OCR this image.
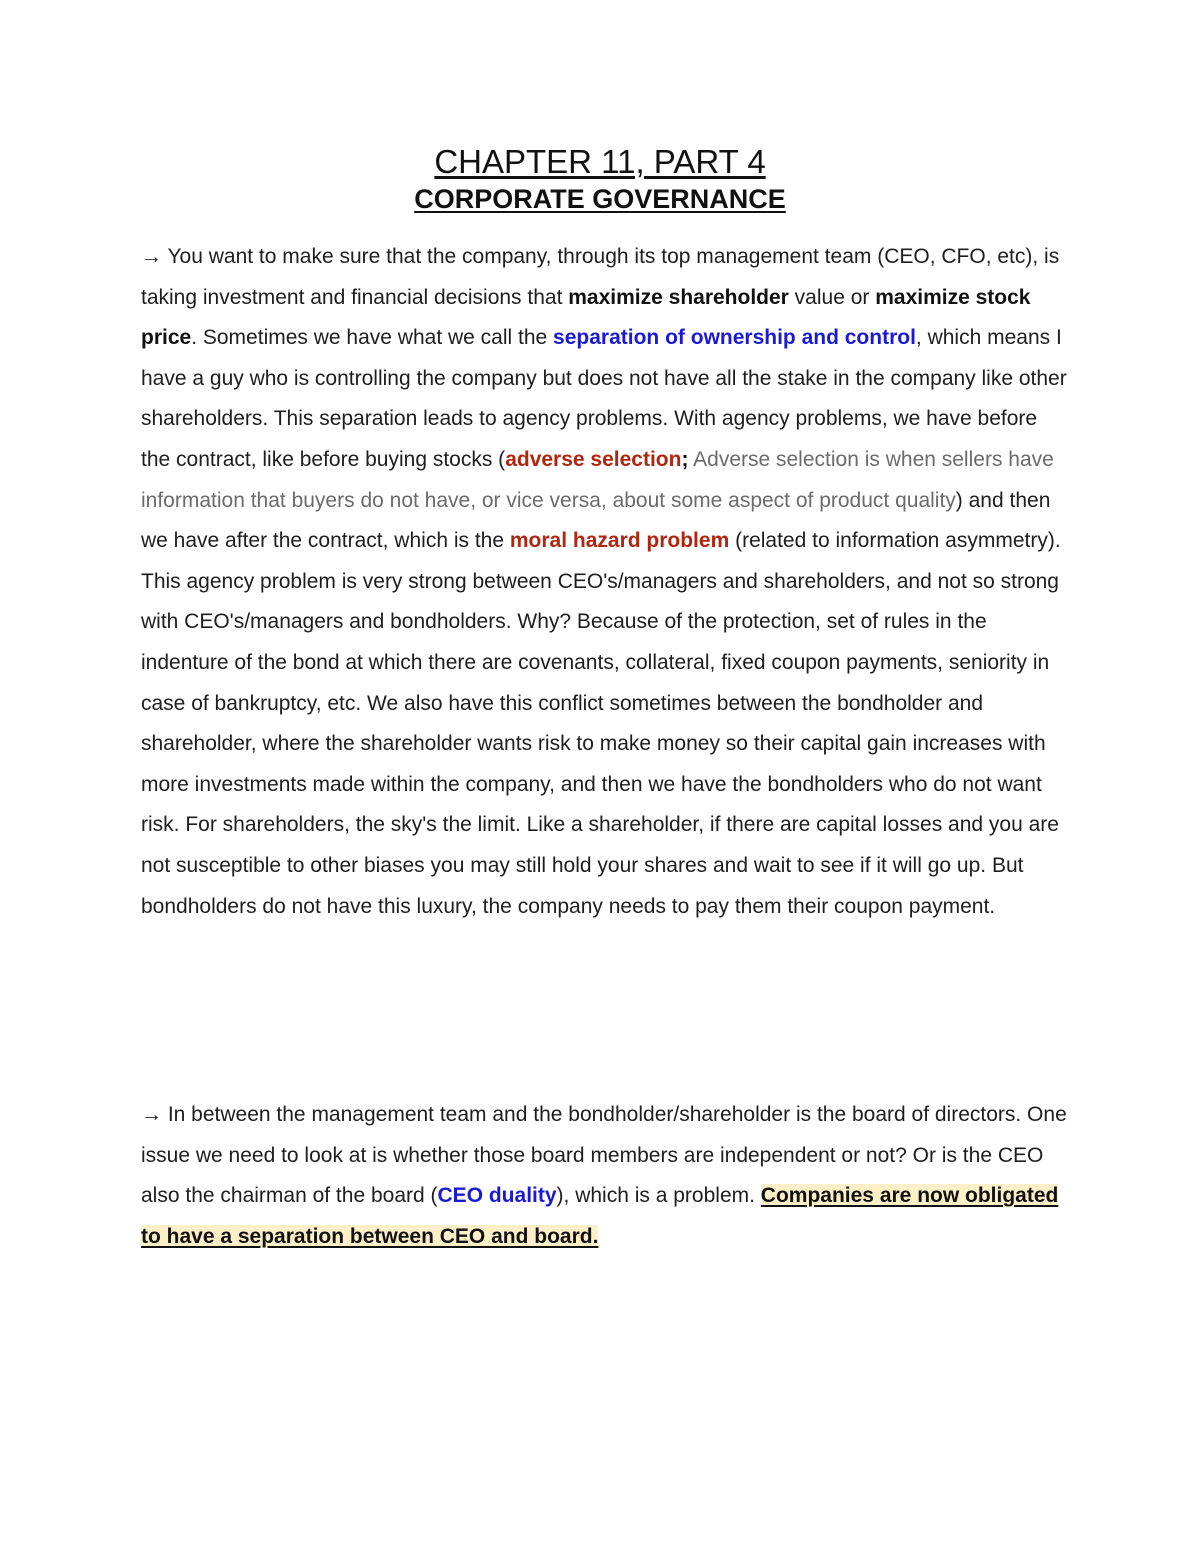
CHAPTER 11, PART 4
CORPORATE GOVERNANCE

→ You want to make sure that the company, through its top management team (CEO, CFO, etc), is taking investment and financial decisions that maximize shareholder value or maximize stock price. Sometimes we have what we call the separation of ownership and control, which means I have a guy who is controlling the company but does not have all the stake in the company like other shareholders. This separation leads to agency problems. With agency problems, we have before the contract, like before buying stocks (adverse selection; Adverse selection is when sellers have information that buyers do not have, or vice versa, about some aspect of product quality) and then we have after the contract, which is the moral hazard problem (related to information asymmetry). This agency problem is very strong between CEO's/managers and shareholders, and not so strong with CEO's/managers and bondholders. Why? Because of the protection, set of rules in the indenture of the bond at which there are covenants, collateral, fixed coupon payments, seniority in case of bankruptcy, etc. We also have this conflict sometimes between the bondholder and shareholder, where the shareholder wants risk to make money so their capital gain increases with more investments made within the company, and then we have the bondholders who do not want risk. For shareholders, the sky's the limit. Like a shareholder, if there are capital losses and you are not susceptible to other biases you may still hold your shares and wait to see if it will go up. But bondholders do not have this luxury, the company needs to pay them their coupon payment.

→ In between the management team and the bondholder/shareholder is the board of directors. One issue we need to look at is whether those board members are independent or not? Or is the CEO also the chairman of the board (CEO duality), which is a problem. Companies are now obligated to have a separation between CEO and board.
